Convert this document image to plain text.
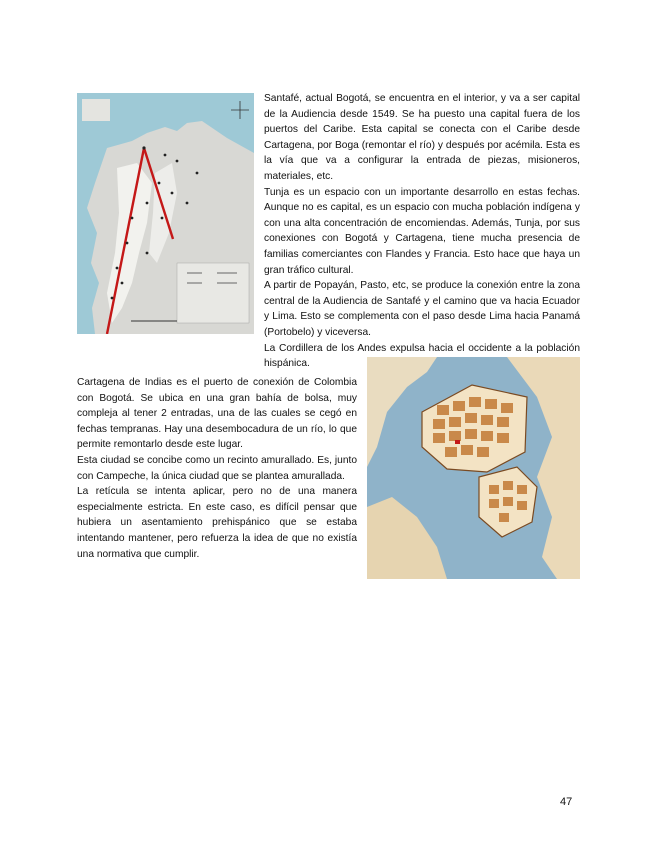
Santafé, actual Bogotá, se encuentra en el interior, y va a ser capital de la Audiencia desde 1549. Se ha puesto una capital fuera de los puertos del Caribe. Esta capital se conecta con el Caribe desde Cartagena, por Boga (remontar el río) y después por acémila. Esta es la vía que va a configurar la entrada de piezas, misioneros, materiales, etc.

Tunja es un espacio con un importante desarrollo en estas fechas. Aunque no es capital, es un espacio con mucha población indígena y con una alta concentración de encomiendas. Además, Tunja, por sus conexiones con Bogotá y Cartagena, tiene mucha presencia de familias comerciantes con Flandes y Francia. Esto hace que haya un gran tráfico cultural.

A partir de Popayán, Pasto, etc, se produce la conexión entre la zona central de la Audiencia de Santafé y el camino que va hacia Ecuador y Lima. Esto se complementa con el paso desde Lima hacia Panamá (Portobelo) y viceversa.

La Cordillera de los Andes expulsa hacia el occidente a la población hispánica.

Cartagena de Indias es el puerto de conexión de Colombia con Bogotá. Se ubica en una gran bahía de bolsa, muy compleja al tener 2 entradas, una de las cuales se cegó en fechas tempranas. Hay una desembocadura de un río, lo que permite remontarlo desde este lugar.

Esta ciudad se concibe como un recinto amurallado. Es, junto con Campeche, la única ciudad que se plantea amurallada.

La retícula se intenta aplicar, pero no de una manera especialmente estricta. En este caso, es difícil pensar que hubiera un asentamiento prehispánico que se estaba intentando mantener, pero refuerza la idea de que no existía una normativa que cumplir.

47
